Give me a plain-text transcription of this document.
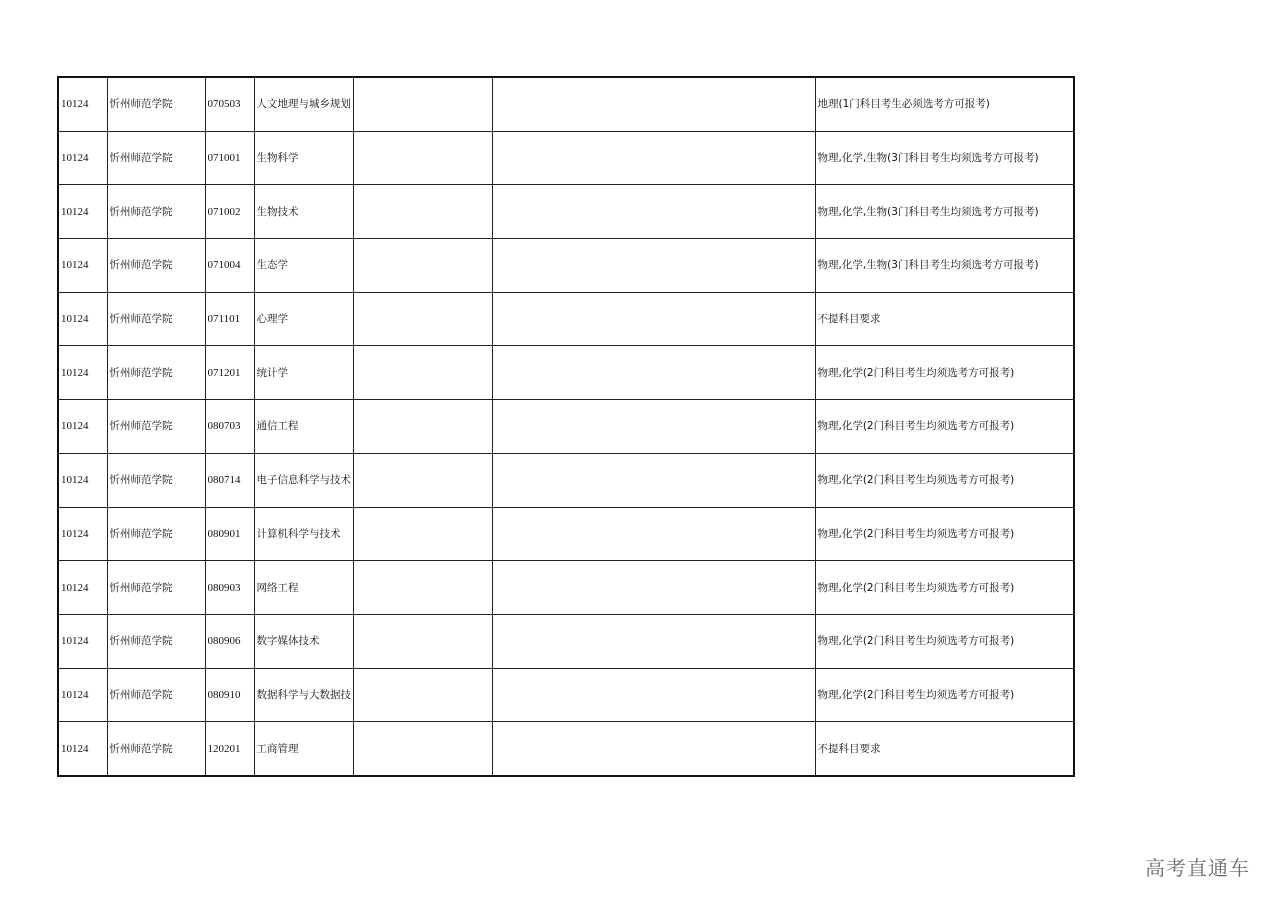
10124	忻州师范学院	070503	人文地理与城乡规划			地理(1门科目考生必须选考方可报考)
10124	忻州师范学院	071001	生物科学			物理,化学,生物(3门科目考生均须选考方可报考)
10124	忻州师范学院	071002	生物技术			物理,化学,生物(3门科目考生均须选考方可报考)
10124	忻州师范学院	071004	生态学			物理,化学,生物(3门科目考生均须选考方可报考)
10124	忻州师范学院	071101	心理学			不提科目要求
10124	忻州师范学院	071201	统计学			物理,化学(2门科目考生均须选考方可报考)
10124	忻州师范学院	080703	通信工程			物理,化学(2门科目考生均须选考方可报考)
10124	忻州师范学院	080714	电子信息科学与技术			物理,化学(2门科目考生均须选考方可报考)
10124	忻州师范学院	080901	计算机科学与技术			物理,化学(2门科目考生均须选考方可报考)
10124	忻州师范学院	080903	网络工程			物理,化学(2门科目考生均须选考方可报考)
10124	忻州师范学院	080906	数字媒体技术			物理,化学(2门科目考生均须选考方可报考)
10124	忻州师范学院	080910	数据科学与大数据技			物理,化学(2门科目考生均须选考方可报考)
10124	忻州师范学院	120201	工商管理			不提科目要求
高考直通车
